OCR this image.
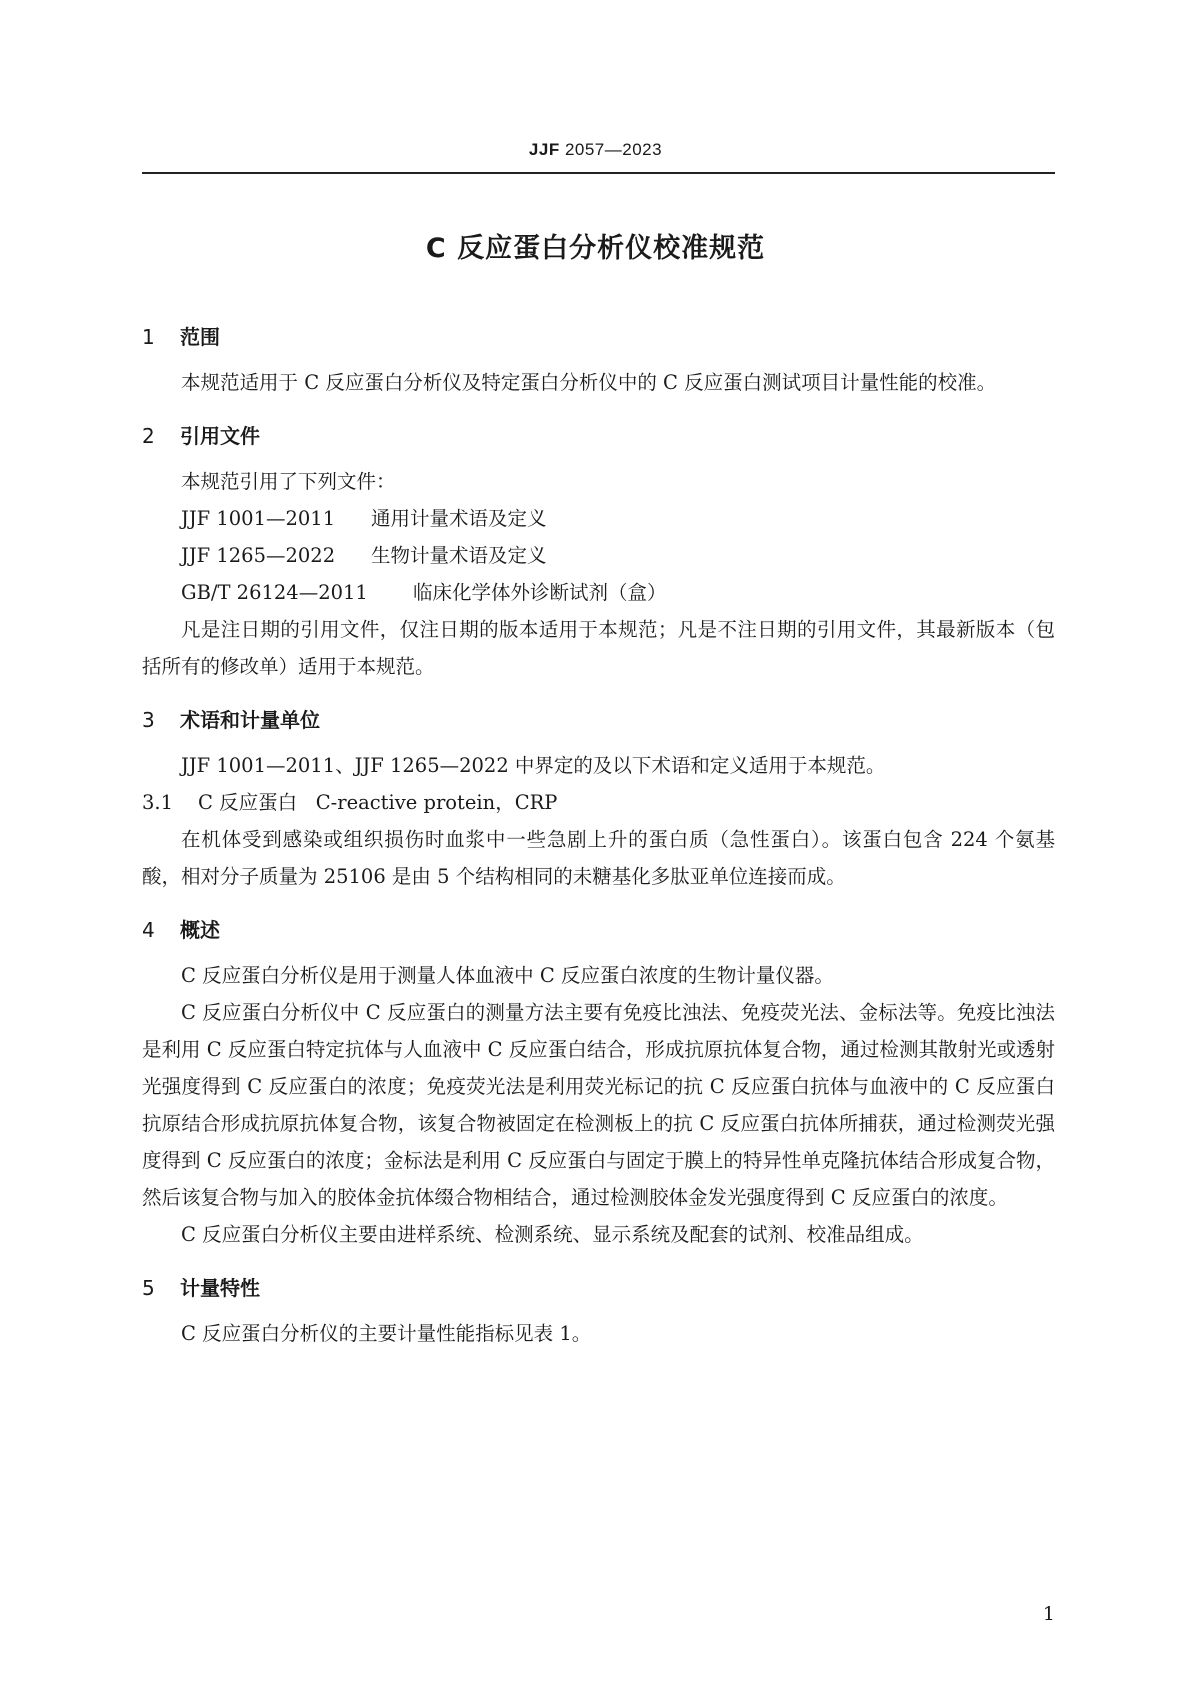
JJF 2057—2023
C 反应蛋白分析仪校准规范
1 范围

本规范适用于 C 反应蛋白分析仪及特定蛋白分析仪中的 C 反应蛋白测试项目计量性能的校准。

2 引用文件

本规范引用了下列文件：

JJF 1001—2011 通用计量术语及定义
JJF 1265—2022 生物计量术语及定义
GB/T 26124—2011 临床化学体外诊断试剂（盒）

凡是注日期的引用文件，仅注日期的版本适用于本规范；凡是不注日期的引用文件，其最新版本（包括所有的修改单）适用于本规范。

3 术语和计量单位

JJF 1001—2011、JJF 1265—2022 中界定的及以下术语和定义适用于本规范。

3.1 C 反应蛋白 C-reactive protein，CRP

在机体受到感染或组织损伤时血浆中一些急剧上升的蛋白质（急性蛋白）。该蛋白包含 224 个氨基酸，相对分子质量为 25106 是由 5 个结构相同的未糖基化多肽亚单位连接而成。

4 概述

C 反应蛋白分析仪是用于测量人体血液中 C 反应蛋白浓度的生物计量仪器。

C 反应蛋白分析仪中 C 反应蛋白的测量方法主要有免疫比浊法、免疫荧光法、金标法等。免疫比浊法是利用 C 反应蛋白特定抗体与人血液中 C 反应蛋白结合，形成抗原抗体复合物，通过检测其散射光或透射光强度得到 C 反应蛋白的浓度；免疫荧光法是利用荧光标记的抗 C 反应蛋白抗体与血液中的 C 反应蛋白抗原结合形成抗原抗体复合物，该复合物被固定在检测板上的抗 C 反应蛋白抗体所捕获，通过检测荧光强度得到 C 反应蛋白的浓度；金标法是利用 C 反应蛋白与固定于膜上的特异性单克隆抗体结合形成复合物，然后该复合物与加入的胶体金抗体缀合物相结合，通过检测胶体金发光强度得到 C 反应蛋白的浓度。

C 反应蛋白分析仪主要由进样系统、检测系统、显示系统及配套的试剂、校准品组成。

5 计量特性

C 反应蛋白分析仪的主要计量性能指标见表 1。

1
